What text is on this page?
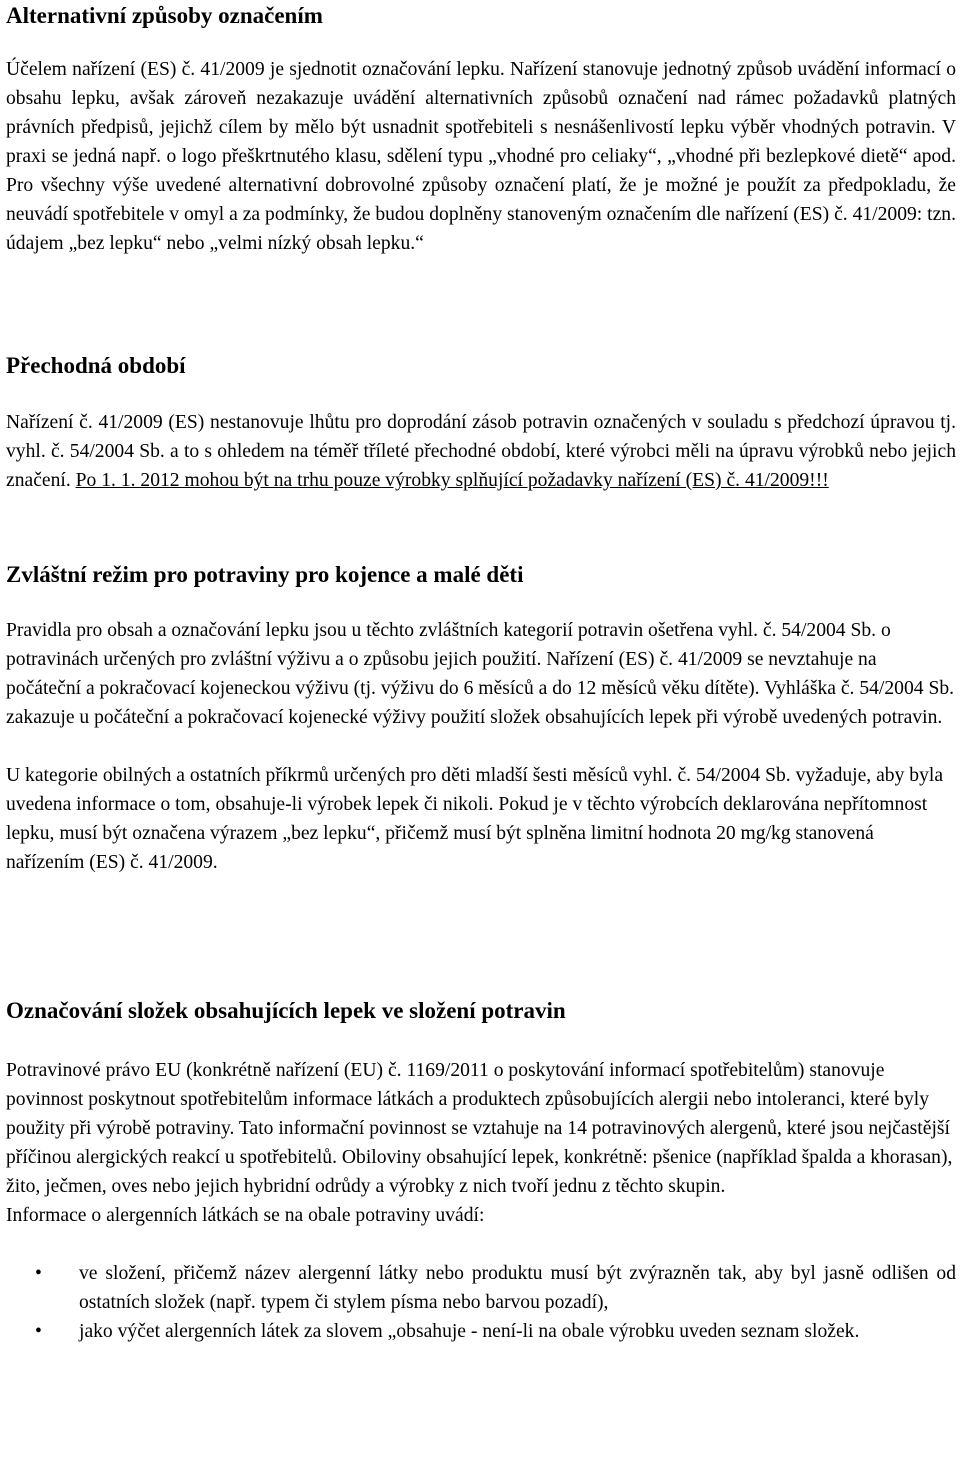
Alternativní způsoby označením

Účelem nařízení (ES) č. 41/2009 je sjednotit označování lepku. Nařízení stanovuje jednotný způsob uvádění informací o obsahu lepku, avšak zároveň nezakazuje uvádění alternativních způsobů označení nad rámec požadavků platných právních předpisů, jejichž cílem by mělo být usnadnit spotřebiteli s nesnášenlivostí lepku výběr vhodných potravin. V praxi se jedná např. o logo přeškrtnutého klasu, sdělení typu „vhodné pro celiaky“, „vhodné při bezlepkové dietě“ apod. Pro všechny výše uvedené alternativní dobrovolné způsoby označení platí, že je možné je použít za předpokladu, že neuvádí spotřebitele v omyl a za podmínky, že budou doplněny stanoveným označením dle nařízení (ES) č. 41/2009: tzn. údajem „bez lepku“ nebo „velmi nízký obsah lepku.“

Přechodná období

Nařízení č. 41/2009 (ES) nestanovuje lhůtu pro doprodání zásob potravin označených v souladu s předchozí úpravou tj. vyhl. č. 54/2004 Sb. a to s ohledem na téměř tříleté přechodné období, které výrobci měli na úpravu výrobků nebo jejich značení. Po 1. 1. 2012 mohou být na trhu pouze výrobky splňující požadavky nařízení (ES) č. 41/2009!!!

Zvláštní režim pro potraviny pro kojence a malé děti

Pravidla pro obsah a označování lepku jsou u těchto zvláštních kategorií potravin ošetřena vyhl. č. 54/2004 Sb. o potravinách určených pro zvláštní výživu a o způsobu jejich použití. Nařízení (ES) č. 41/2009 se nevztahuje na počáteční a pokračovací kojeneckou výživu (tj. výživu do 6 měsíců a do 12 měsíců věku dítěte). Vyhláška č. 54/2004 Sb. zakazuje u počáteční a pokračovací kojenecké výživy použití složek obsahujících lepek při výrobě uvedených potravin.

U kategorie obilných a ostatních příkrmů určených pro děti mladší šesti měsíců vyhl. č. 54/2004 Sb. vyžaduje, aby byla uvedena informace o tom, obsahuje-li výrobek lepek či nikoli. Pokud je v těchto výrobcích deklarována nepřítomnost lepku, musí být označena výrazem „bez lepku“, přičemž musí být splněna limitní hodnota 20 mg/kg stanovená nařízením (ES) č. 41/2009.

Označování složek obsahujících lepek ve složení potravin

Potravinové právo EU (konkrétně nařízení (EU) č. 1169/2011 o poskytování informací spotřebitelům) stanovuje povinnost poskytnout spotřebitelům informace látkách a produktech způsobujících alergii nebo intoleranci, které byly použity při výrobě potraviny. Tato informační povinnost se vztahuje na 14 potravinových alergenů, které jsou nejčastější příčinou alergických reakcí u spotřebitelů. Obiloviny obsahující lepek, konkrétně: pšenice (například špalda a khorasan), žito, ječmen, oves nebo jejich hybridní odrůdy a výrobky z nich tvoří jednu z těchto skupin.

Informace o alergenních látkách se na obale potraviny uvádí:

• ve složení, přičemž název alergenní látky nebo produktu musí být zvýrazněn tak, aby byl jasně odlišen od ostatních složek (např. typem či stylem písma nebo barvou pozadí),
• jako výčet alergenních látek za slovem „obsahuje - není-li na obale výrobku uveden seznam složek.
